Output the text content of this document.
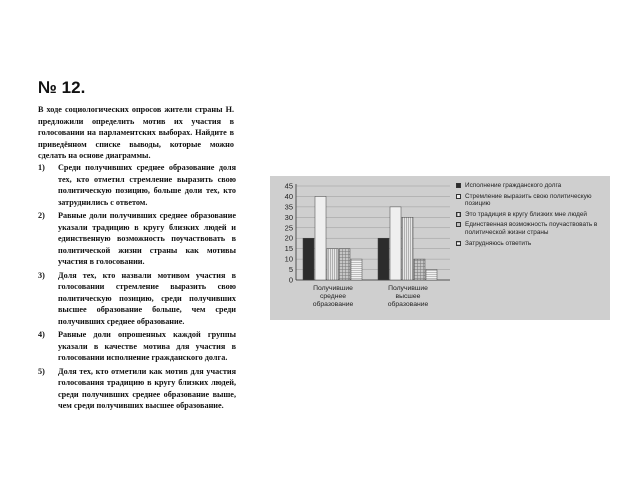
№ 12.

В ходе социологических опросов жители страны Н. предложили определить мотив их участия в голосовании на парламентских выборах. Найдите в приведённом списке выводы, которые можно сделать на основе диаграммы.

1) Среди получивших среднее образование доля тех, кто отметил стремление выразить свою политическую позицию, больше доли тех, кто затруднились с ответом.
2) Равные доли получивших среднее образование указали традицию в кругу близких людей и единственную возможность поучаствовать в политической жизни страны как мотивы участия в голосовании.
3) Доля тех, кто назвали мотивом участия в голосовании стремление выразить свою политическую позицию, среди получивших высшее образование больше, чем среди получивших среднее образование.
4) Равные доли опрошенных каждой группы указали в качестве мотива для участия в голосовании исполнение гражданского долга.
5) Доля тех, кто отметили как мотив для участия голосования традицию в кругу близких людей, среди получивших среднее образование выше, чем среди получивших высшее образование.
0
5
10
15
20
25
30
35
40
45
Получившие
среднее
образование
Получившие
высшее
образование
Исполнение гражданского долга
Стремление выразить свою политическую позицию
Это традиция в кругу близких мне людей
Единственная возможность поучаствовать в политической жизни страны
Затрудняюсь ответить
